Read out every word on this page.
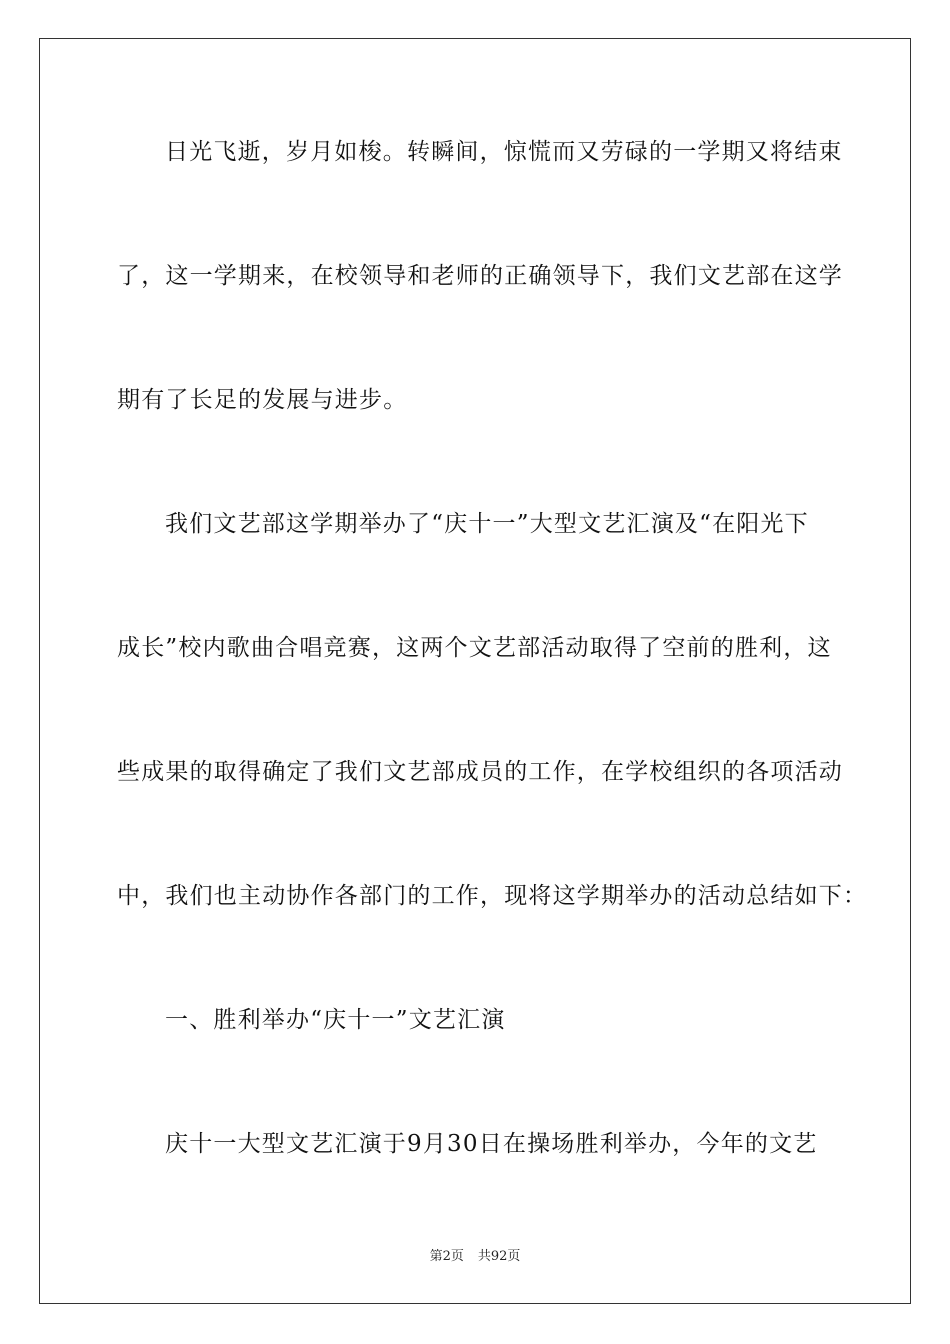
日光飞逝，岁月如梭。转瞬间，惊慌而又劳碌的一学期又将结束
了，这一学期来，在校领导和老师的正确领导下，我们文艺部在这学
期有了长足的发展与进步。
我们文艺部这学期举办了“庆十一”大型文艺汇演及“在阳光下
成长”校内歌曲合唱竞赛，这两个文艺部活动取得了空前的胜利，这
些成果的取得确定了我们文艺部成员的工作，在学校组织的各项活动
中，我们也主动协作各部门的工作，现将这学期举办的活动总结如下：
一、胜利举办“庆十一”文艺汇演
庆十一大型文艺汇演于9月30日在操场胜利举办，今年的文艺
第2页 共92页
